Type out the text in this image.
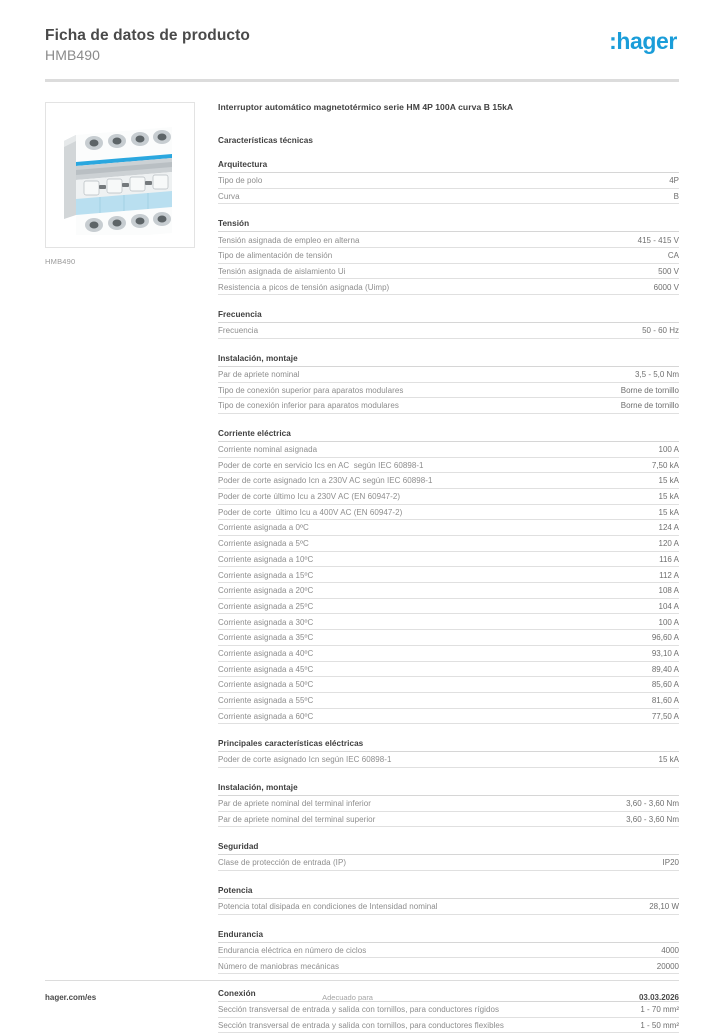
Ficha de datos de producto
HMB490
:hager
HMB490
Interruptor automático magnetotérmico serie HM 4P 100A curva B 15kA
Características técnicas
Arquitectura
Tipo de polo	4P
Curva	B
Tensión
Tensión asignada de empleo en alterna	415 - 415 V
Tipo de alimentación de tensión	CA
Tensión asignada de aislamiento Ui	500 V
Resistencia a picos de tensión asignada (Uimp)	6000 V
Frecuencia
Frecuencia	50 - 60 Hz
Instalación, montaje
Par de apriete nominal	3,5 - 5,0 Nm
Tipo de conexión superior para aparatos modulares	Borne de tornillo
Tipo de conexión inferior para aparatos modulares	Borne de tornillo
Corriente eléctrica
Corriente nominal asignada	100 A
Poder de corte en servicio Ics en AC  según IEC 60898-1	7,50 kA
Poder de corte asignado Icn a 230V AC según IEC 60898-1	15 kA
Poder de corte último Icu a 230V AC (EN 60947-2)	15 kA
Poder de corte  último Icu a 400V AC (EN 60947-2)	15 kA
Corriente asignada a 0ºC	124 A
Corriente asignada a 5ºC	120 A
Corriente asignada a 10ºC	116 A
Corriente asignada a 15ºC	112 A
Corriente asignada a 20ºC	108 A
Corriente asignada a 25ºC	104 A
Corriente asignada a 30ºC	100 A
Corriente asignada a 35ºC	96,60 A
Corriente asignada a 40ºC	93,10 A
Corriente asignada a 45ºC	89,40 A
Corriente asignada a 50ºC	85,60 A
Corriente asignada a 55ºC	81,60 A
Corriente asignada a 60ºC	77,50 A
Principales características eléctricas
Poder de corte asignado Icn según IEC 60898-1	15 kA
Instalación, montaje
Par de apriete nominal del terminal inferior	3,60 - 3,60 Nm
Par de apriete nominal del terminal superior	3,60 - 3,60 Nm
Seguridad
Clase de protección de entrada (IP)	IP20
Potencia
Potencia total disipada en condiciones de Intensidad nominal	28,10 W
Endurancia
Endurancia eléctrica en número de ciclos	4000
Número de maniobras mecánicas	20000
Conexión
Sección transversal de entrada y salida con tornillos, para conductores rígidos	1 - 70 mm²
Sección transversal de entrada y salida con tornillos, para conductores flexibles	1 - 50 mm²
hager.com/es	Adecuado para	03.03.2026
